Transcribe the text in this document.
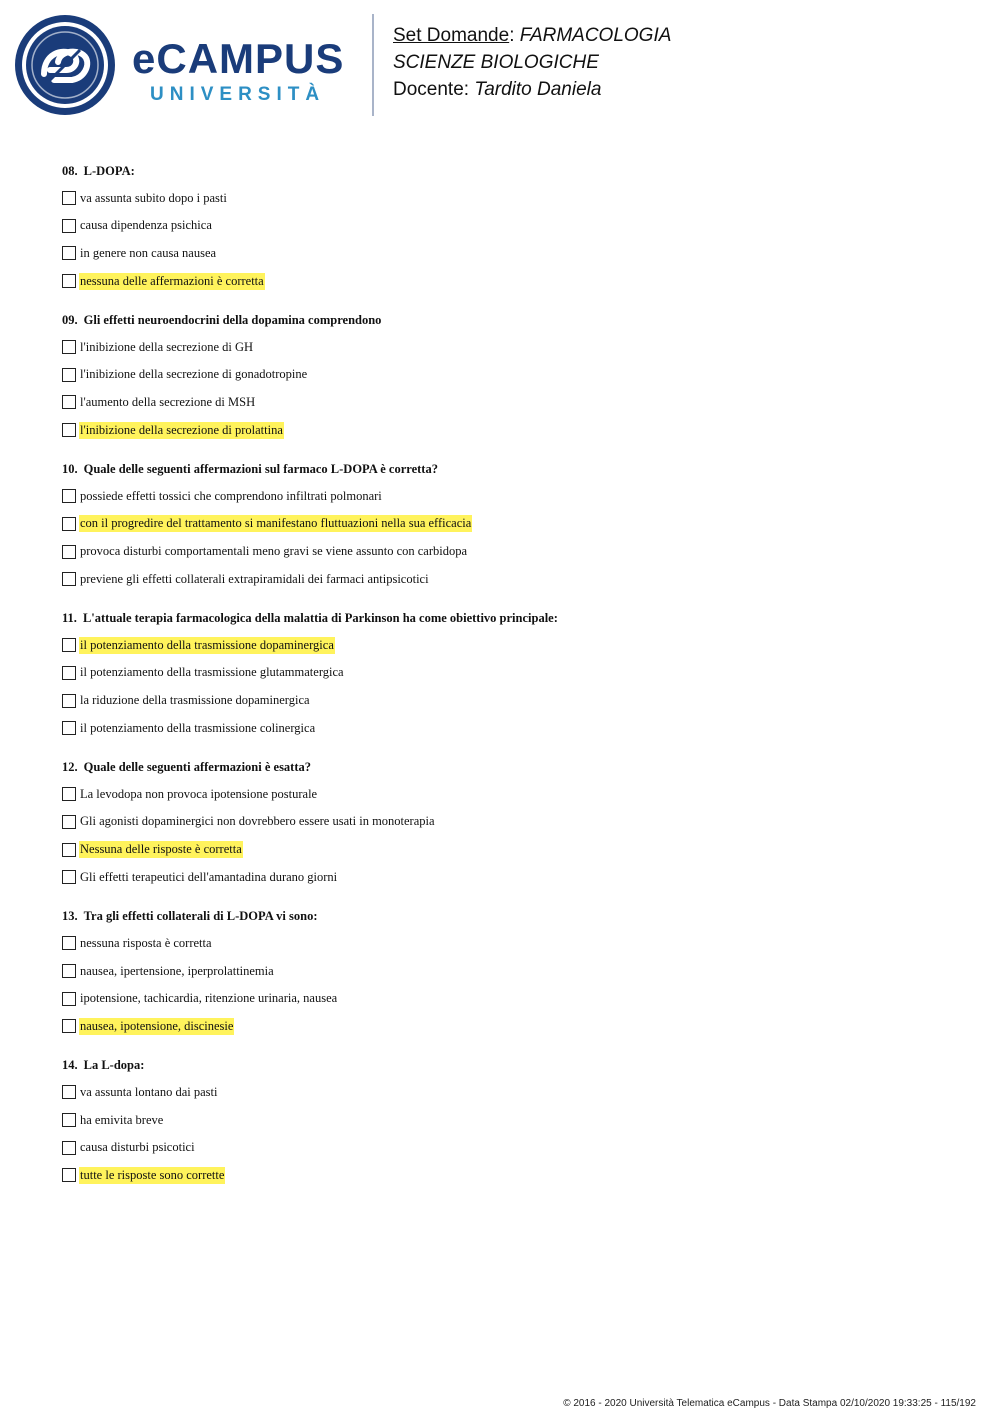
eCAMPUS
UNIVERSITÀ
Set Domande: FARMACOLOGIA
SCIENZE BIOLOGICHE
Docente: Tardito Daniela
08. L-DOPA:
va assunta subito dopo i pasti
causa dipendenza psichica
in genere non causa nausea
nessuna delle affermazioni è corretta
09. Gli effetti neuroendocrini della dopamina comprendono
l'inibizione della secrezione di GH
l'inibizione della secrezione di gonadotropine
l'aumento della secrezione di MSH
l'inibizione della secrezione di prolattina
10. Quale delle seguenti affermazioni sul farmaco L-DOPA è corretta?
possiede effetti tossici che comprendono infiltrati polmonari
con il progredire del trattamento si manifestano fluttuazioni nella sua efficacia
provoca disturbi comportamentali meno gravi se viene assunto con carbidopa
previene gli effetti collaterali extrapiramidali dei farmaci antipsicotici
11. L'attuale terapia farmacologica della malattia di Parkinson ha come obiettivo principale:
il potenziamento della trasmissione dopaminergica
il potenziamento della trasmissione glutammatergica
la riduzione della trasmissione dopaminergica
il potenziamento della trasmissione colinergica
12. Quale delle seguenti affermazioni è esatta?
La levodopa non provoca ipotensione posturale
Gli agonisti dopaminergici non dovrebbero essere usati in monoterapia
Nessuna delle risposte è corretta
Gli effetti terapeutici dell'amantadina durano giorni
13. Tra gli effetti collaterali di L-DOPA vi sono:
nessuna risposta è corretta
nausea, ipertensione, iperprolattinemia
ipotensione, tachicardia, ritenzione urinaria, nausea
nausea, ipotensione, discinesie
14. La L-dopa:
va assunta lontano dai pasti
ha emivita breve
causa disturbi psicotici
tutte le risposte sono corrette
© 2016 - 2020 Università Telematica eCampus - Data Stampa 02/10/2020 19:33:25 - 115/192
